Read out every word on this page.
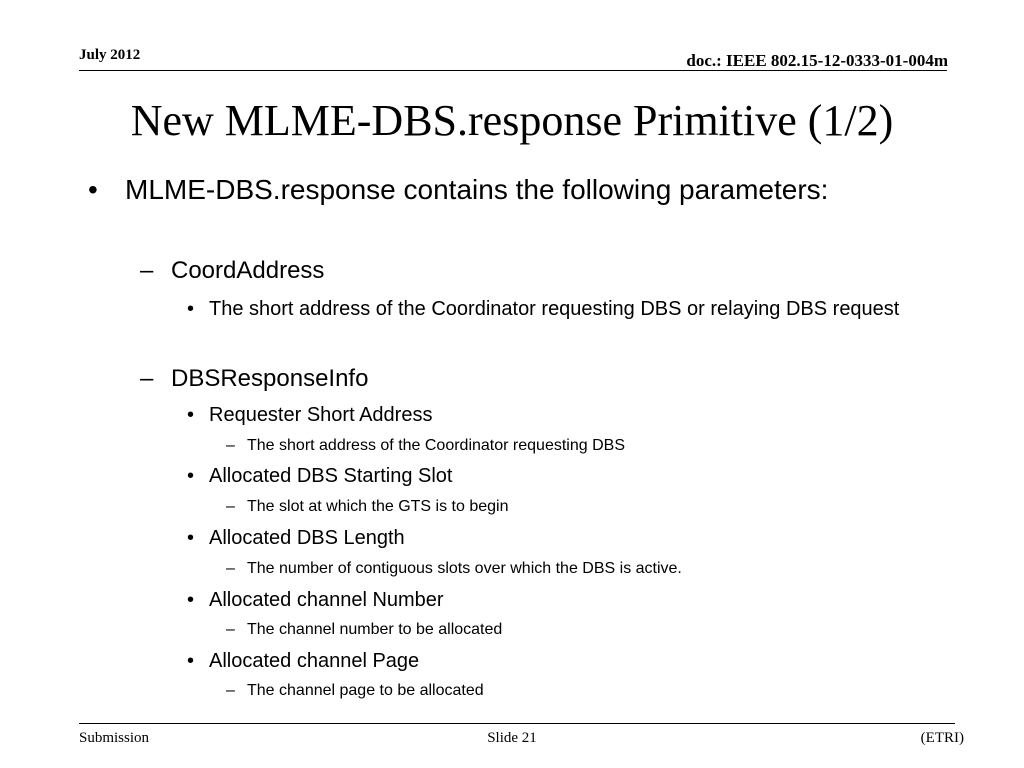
July 2012	doc.: IEEE 802.15-12-0333-01-004m
New MLME-DBS.response Primitive (1/2)
• MLME-DBS.response contains the following parameters:
– CoordAddress
• The short address of the Coordinator requesting DBS or relaying DBS request
– DBSResponseInfo
• Requester Short Address
– The short address of the Coordinator requesting DBS
• Allocated DBS Starting Slot
– The slot at which the GTS is to begin
• Allocated DBS Length
– The number of contiguous slots over which the DBS is active.
• Allocated channel Number
– The channel number to be allocated
• Allocated channel Page
– The channel page to be allocated
Submission	Slide 21	(ETRI)
